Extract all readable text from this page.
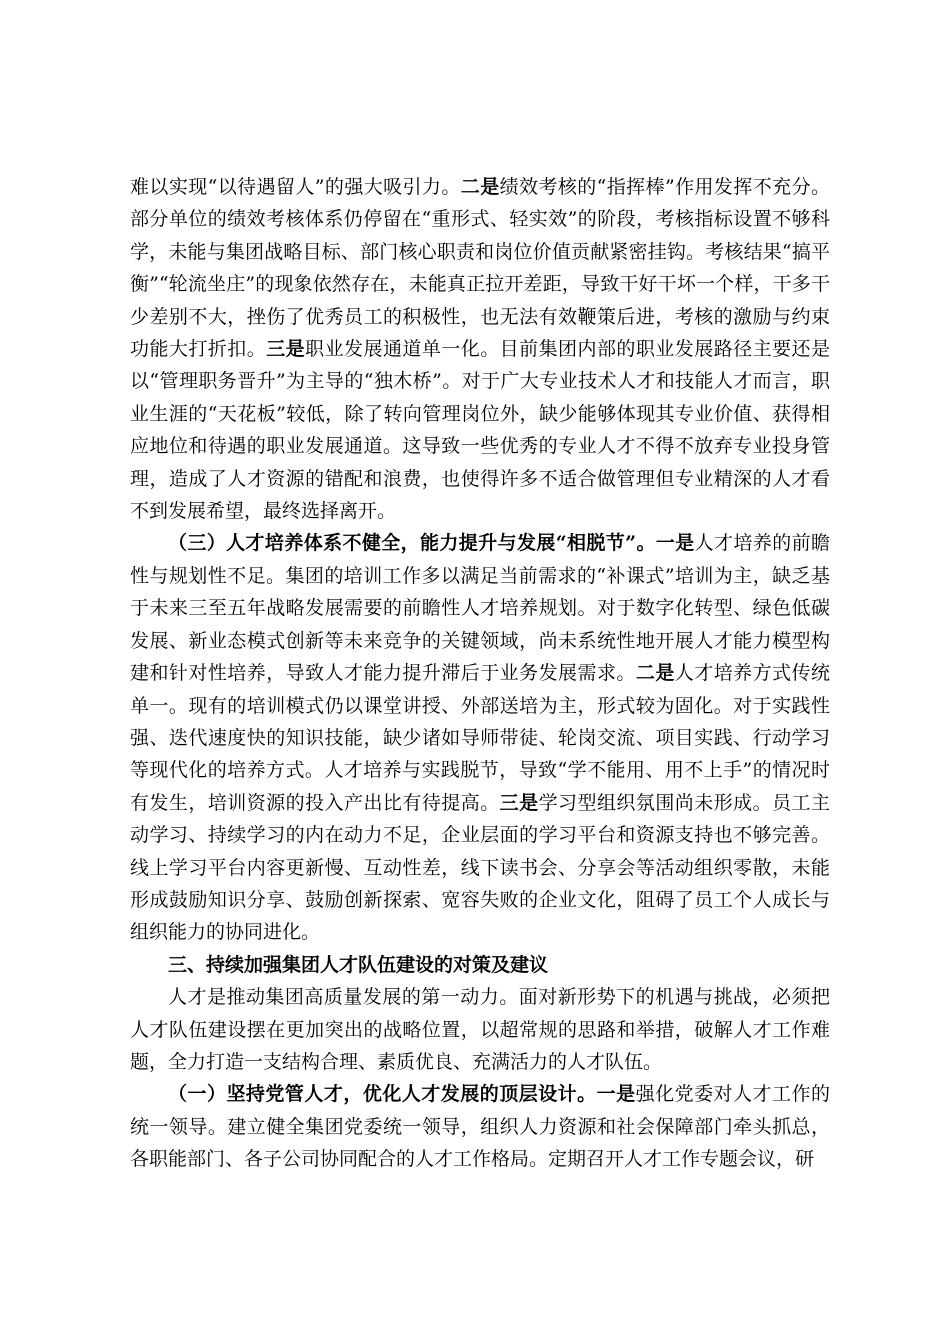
难以实现“以待遇留人”的强大吸引力。二是绩效考核的“指挥棒”作用发挥不充分。部分单位的绩效考核体系仍停留在“重形式、轻实效”的阶段，考核指标设置不够科学，未能与集团战略目标、部门核心职责和岗位价值贡献紧密挂钩。考核结果“搞平衡”“轮流坐庄”的现象依然存在，未能真正拉开差距，导致干好干坏一个样，干多干少差别不大，挫伤了优秀员工的积极性，也无法有效鞭策后进，考核的激励与约束功能大打折扣。三是职业发展通道单一化。目前集团内部的职业发展路径主要还是以“管理职务晋升”为主导的“独木桥”。对于广大专业技术人才和技能人才而言，职业生涯的“天花板”较低，除了转向管理岗位外，缺少能够体现其专业价值、获得相应地位和待遇的职业发展通道。这导致一些优秀的专业人才不得不放弃专业投身管理，造成了人才资源的错配和浪费，也使得许多不适合做管理但专业精深的人才看不到发展希望，最终选择离开。

（三）人才培养体系不健全，能力提升与发展“相脱节”。一是人才培养的前瞻性与规划性不足。集团的培训工作多以满足当前需求的“补课式”培训为主，缺乏基于未来三至五年战略发展需要的前瞻性人才培养规划。对于数字化转型、绿色低碳发展、新业态模式创新等未来竞争的关键领域，尚未系统性地开展人才能力模型构建和针对性培养，导致人才能力提升滞后于业务发展需求。二是人才培养方式传统单一。现有的培训模式仍以课堂讲授、外部送培为主，形式较为固化。对于实践性强、迭代速度快的知识技能，缺少诸如导师带徒、轮岗交流、项目实践、行动学习等现代化的培养方式。人才培养与实践脱节，导致“学不能用、用不上手”的情况时有发生，培训资源的投入产出比有待提高。三是学习型组织氛围尚未形成。员工主动学习、持续学习的内在动力不足，企业层面的学习平台和资源支持也不够完善。线上学习平台内容更新慢、互动性差，线下读书会、分享会等活动组织零散，未能形成鼓励知识分享、鼓励创新探索、宽容失败的企业文化，阻碍了员工个人成长与组织能力的协同进化。

三、持续加强集团人才队伍建设的对策及建议

人才是推动集团高质量发展的第一动力。面对新形势下的机遇与挑战，必须把人才队伍建设摆在更加突出的战略位置，以超常规的思路和举措，破解人才工作难题，全力打造一支结构合理、素质优良、充满活力的人才队伍。

（一）坚持党管人才，优化人才发展的顶层设计。一是强化党委对人才工作的统一领导。建立健全集团党委统一领导，组织人力资源和社会保障部门牵头抓总，各职能部门、各子公司协同配合的人才工作格局。定期召开人才工作专题会议，研
